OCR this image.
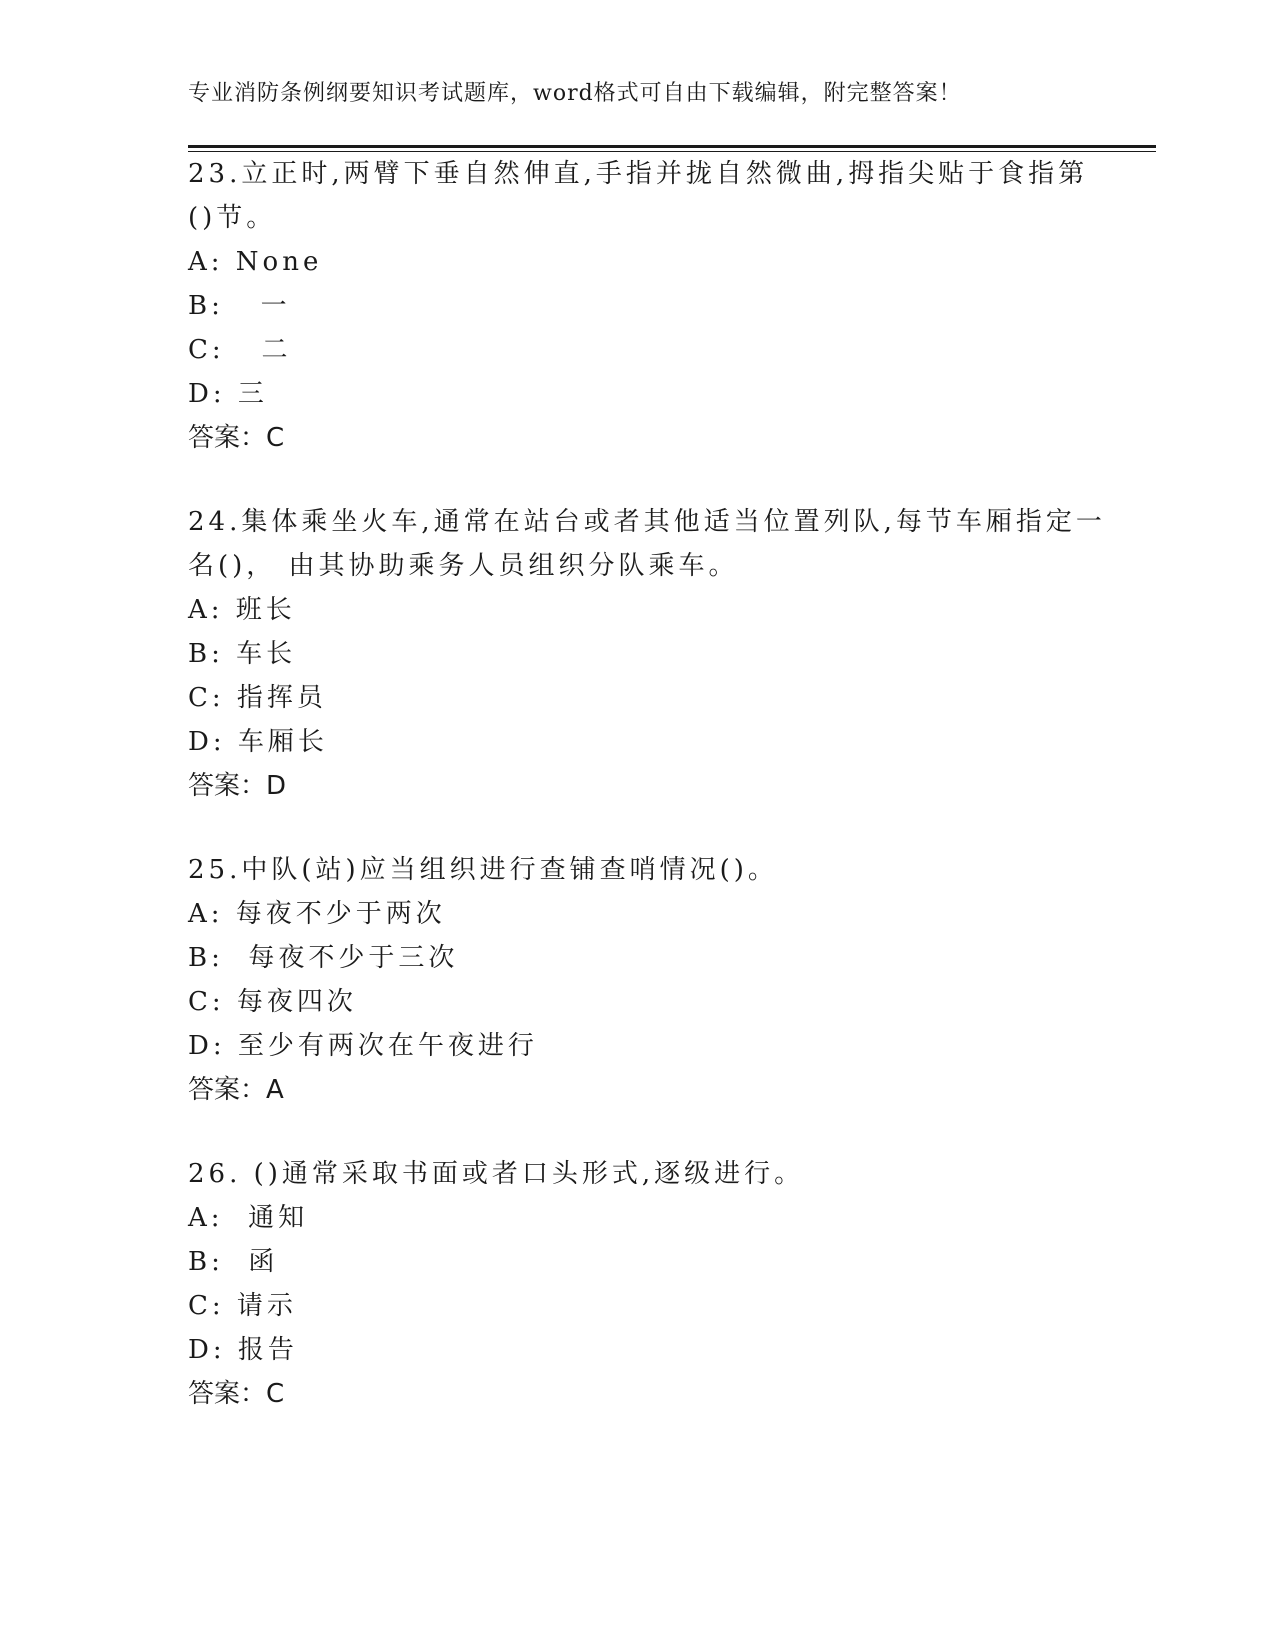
专业消防条例纲要知识考试题库，word格式可自由下载编辑，附完整答案！
23.立正时,两臂下垂自然伸直,手指并拢自然微曲,拇指尖贴于食指第
()节。
A: None
B:   一
C:   二
D: 三
答案：C
24.集体乘坐火车,通常在站台或者其他适当位置列队,每节车厢指定一
名()， 由其协助乘务人员组织分队乘车。
A: 班长
B: 车长
C: 指挥员
D: 车厢长
答案：D
25.中队(站)应当组织进行查铺查哨情况()。
A: 每夜不少于两次
B:  每夜不少于三次
C: 每夜四次
D: 至少有两次在午夜进行
答案：A
26. ()通常采取书面或者口头形式,逐级进行。
A:  通知
B:  函
C: 请示
D: 报告
答案：C
